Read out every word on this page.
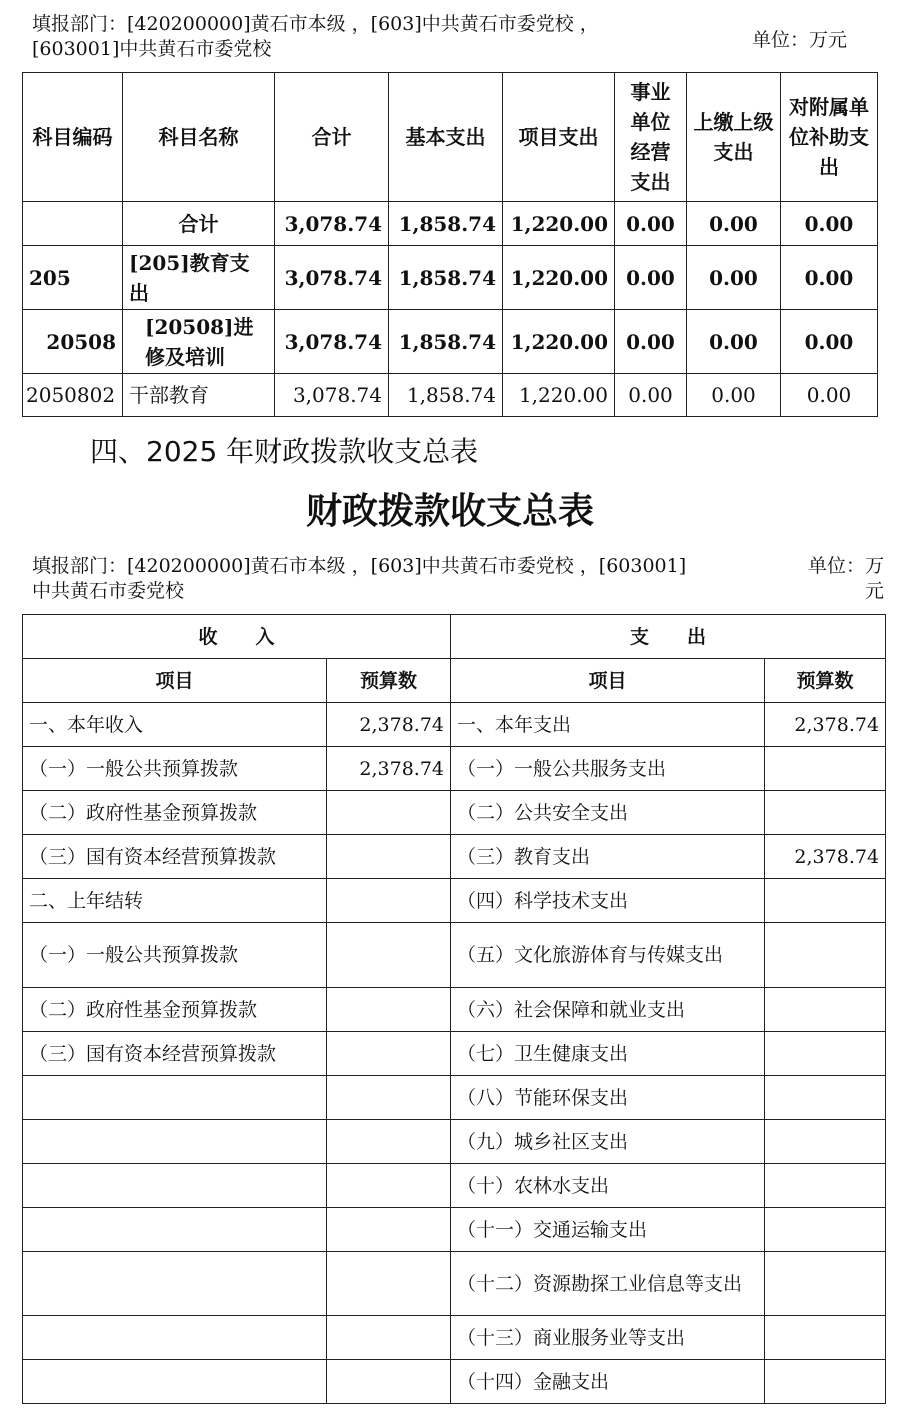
填报部门：[420200000]黄石市本级 ，[603]中共黄石市委党校 ，
[603001]中共黄石市委党校	单位：万元
科目编码	科目名称	合计	基本支出	项目支出	事业单位经营支出	上缴上级支出	对附属单位补助支出
	合计	3,078.74	1,858.74	1,220.00	0.00	0.00	0.00
205	[205]教育支出	3,078.74	1,858.74	1,220.00	0.00	0.00	0.00
20508	[20508]进修及培训	3,078.74	1,858.74	1,220.00	0.00	0.00	0.00
2050802	干部教育	3,078.74	1,858.74	1,220.00	0.00	0.00	0.00
四、2025 年财政拨款收支总表
财政拨款收支总表
填报部门：[420200000]黄石市本级 ，[603]中共黄石市委党校 ，[603001]
中共黄石市委党校
单位：万
元
收　　入		支　　出	
项目	预算数	项目	预算数
一、本年收入	2,378.74	一、本年支出	2,378.74
（一）一般公共预算拨款	2,378.74	（一）一般公共服务支出	
（二）政府性基金预算拨款		（二）公共安全支出	
（三）国有资本经营预算拨款		（三）教育支出	2,378.74
二、上年结转		（四）科学技术支出	
（一）一般公共预算拨款		（五）文化旅游体育与传媒支出	
（二）政府性基金预算拨款		（六）社会保障和就业支出	
（三）国有资本经营预算拨款		（七）卫生健康支出	
		（八）节能环保支出	
		（九）城乡社区支出	
		（十）农林水支出	
		（十一）交通运输支出	
		（十二）资源勘探工业信息等支出	
		（十三）商业服务业等支出	
		（十四）金融支出	
